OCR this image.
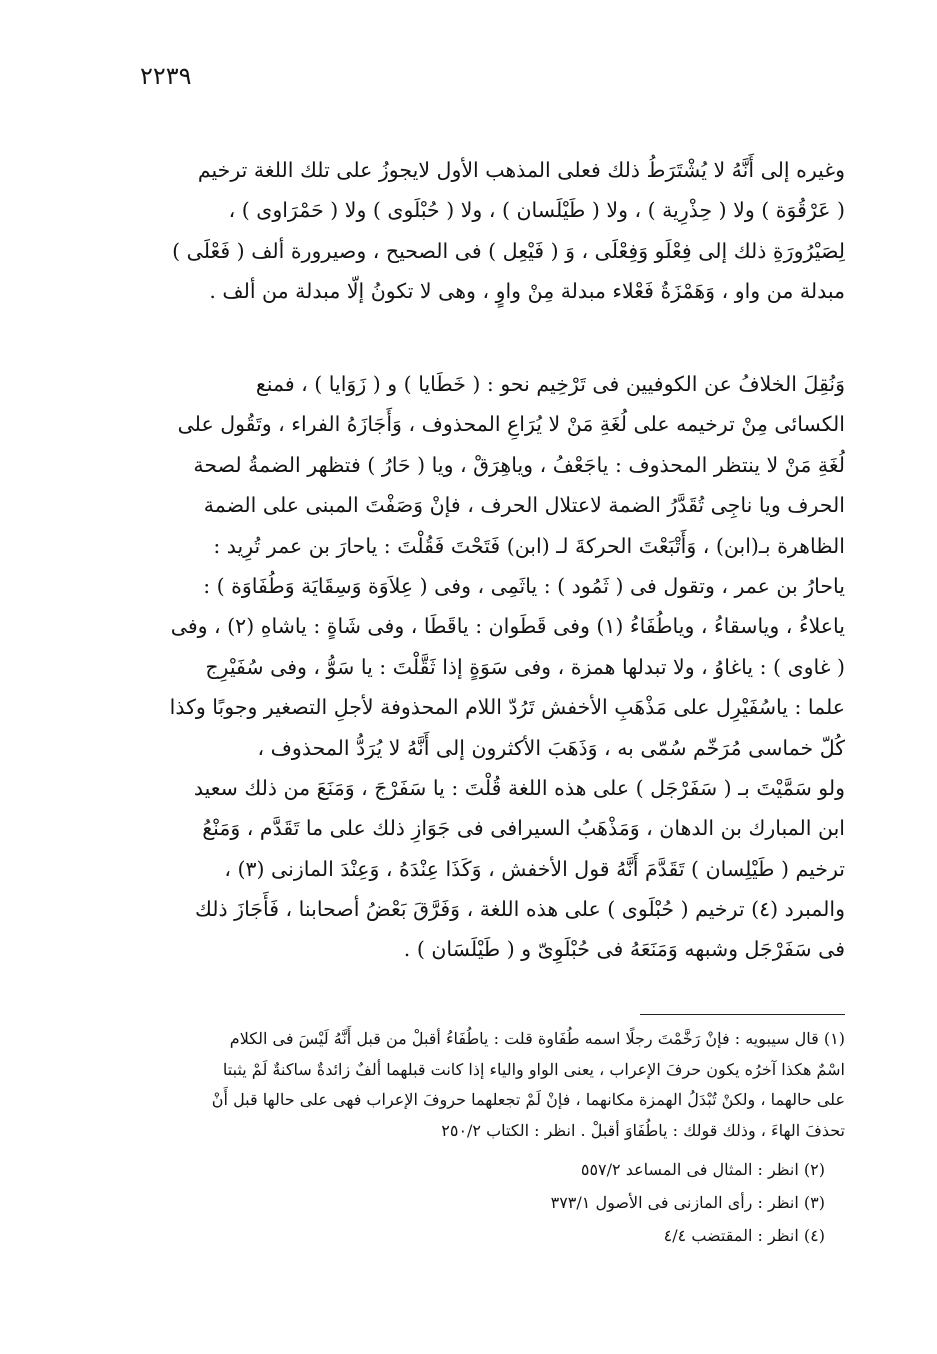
٢٢٣٩
وغيره إلى أَنَّهُ لا يُشْتَرَطُ ذلك فعلى المذهب الأول لايجوزُ على تلك اللغة ترخيم
( عَرْقُوَة ) ولا ( حِذْرِية ) ، ولا ( طَيْلَسان ) ، ولا ( حُبْلَوى ) ولا ( حَمْرَاوى ) ،
لِصَيْرُورَةِ ذلك إلى فِعْلَو وَفِعْلَى ، وَ ( فَيْعِل ) فى الصحيح ، وصيرورة ألف ( فَعْلَى )
مبدلة من واو ، وَهَمْزَةُ فَعْلاء مبدلة مِنْ واوٍ ، وهى لا تكونُ إلّا مبدلة من ألف .
وَنُقِلَ الخلافُ عن الكوفيين فى تَرْخِيم نحو : ( خَطَايا ) و ( زَوَايا ) ، فمنع
الكسائى مِنْ ترخيمه على لُغَةِ مَنْ لا يُرَاعِ المحذوف ، وَأَجَازَهُ الفراء ، وتَقُول على
لُغَةِ مَنْ لا ينتظر المحذوف : ياجَعْفُ ، وياهِرَقْ ، ويا ( حَارُ ) فتظهر الضمةُ لصحة
الحرف ويا ناجِى تُقَدَّرُ الضمة لاعتلال الحرف ، فإنْ وَصَفْتَ المبنى على الضمة
الظاهرة بـ(ابن) ، وَأَتْبَعْتَ الحركةَ لـ (ابن) فَتَحْتَ فَقُلْتَ : ياحارَ بن عمر تُرِيد :
ياحارُ بن عمر ، وتقول فى ( ثَمُود ) : ياثَمِى ، وفى ( عِلاَوَة وَسِقَايَة وَطُفَاوَة ) :
ياعلاءُ ، وياسقاءُ ، وياطُفَاءُ (١) وفى قَطَوان : ياقَطَا ، وفى شَاةٍ : ياشاهِ (٢) ، وفى
( غاوى ) : ياغاوُ ، ولا تبدلها همزة ، وفى سَوَةٍ إذا ثَقَّلْتَ : يا سَوُّ ، وفى سُفَيْرِج
علما : ياسُفَيْرِل على مَذْهَبِ الأخفش تَرُدّ اللام المحذوفة لأجلِ التصغير وجوبًا وكذا
كُلّ خماسى مُرَخّم سُمّى به ، وَذَهَبَ الأكثرون إلى أَنَّهُ لا يُرَدُّ المحذوف ،
ولو سَمَّيْتَ بـ ( سَفَرْجَل ) على هذه اللغة قُلْتَ : يا سَفَرْجَ ، وَمَنَعَ من ذلك سعيد
ابن المبارك بن الدهان ، وَمَذْهَبُ السيرافى فى جَوَازِ ذلك على ما تَقَدَّم ، وَمَنْعُ
ترخيم ( طَيْلِسان ) تَقَدَّمَ أَنَّهُ قول الأخفش ، وَكَذَا عِنْدَهُ ، وَعِنْدَ المازنى (٣) ،
والمبرد (٤) ترخيم ( حُبْلَوى ) على هذه اللغة ، وَفَرَّقَ بَعْضُ أصحابنا ، فَأَجَازَ ذلك
فى سَفَرْجَل وشبهه وَمَنَعَهُ فى حُبْلَوِىّ و ( طَيْلَسَان ) .
(١) قال سيبويه : فإنْ رَخَّمْتَ رجلًا اسمه طُفَاوة قلت : ياطُفَاءُ أقبلْ من قبل أَنَّهُ لَيْسَ فى الكلام
اسْمٌ هكذا آخرُه يكون حرفَ الإعراب ، يعنى الواو والياء إذا كانت قبلهما ألفٌ زائدةٌ ساكنةٌ لَمْ يثبتا
على حالهما ، ولكنْ تُبْدَلُ الهمزة مكانهما ، فإنْ لَمْ تجعلهما حروفَ الإعراب فهى على حالها قبل أَنْ
تحذفَ الهاءَ ، وذلك قولك : ياطُفَاوَ أقبلْ . انظر : الكتاب ٢٥٠/٢
(٢) انظر : المثال فى المساعد ٥٥٧/٢
(٣) انظر : رأى المازنى فى الأصول ٣٧٣/١
(٤) انظر : المقتضب ٤/٤
